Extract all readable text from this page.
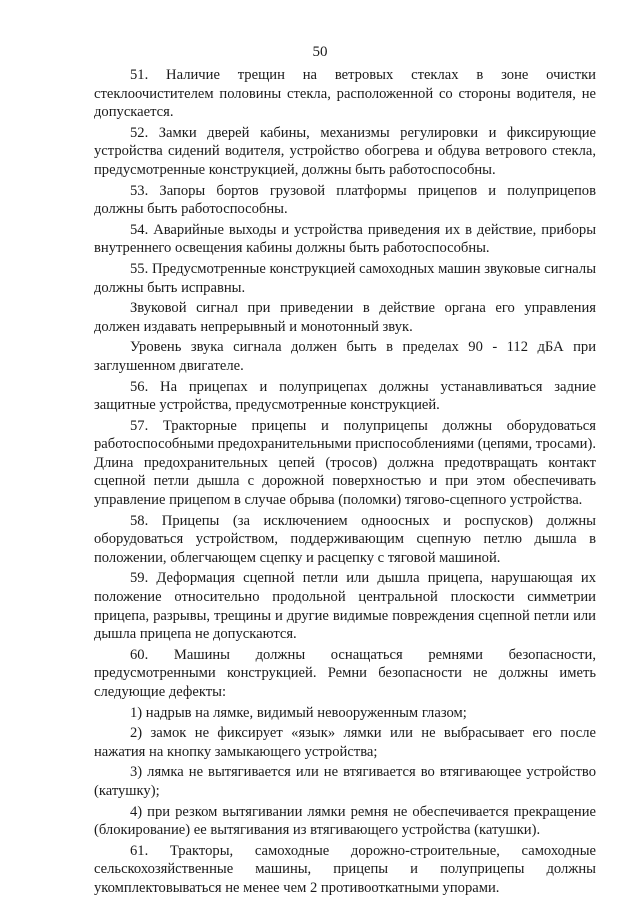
50

51. Наличие трещин на ветровых стеклах в зоне очистки стеклоочистителем половины стекла, расположенной со стороны водителя, не допускается.

52. Замки дверей кабины, механизмы регулировки и фиксирующие устройства сидений водителя, устройство обогрева и обдува ветрового стекла, предусмотренные конструкцией, должны быть работоспособны.

53. Запоры бортов грузовой платформы прицепов и полуприцепов должны быть работоспособны.

54. Аварийные выходы и устройства приведения их в действие, приборы внутреннего освещения кабины должны быть работоспособны.

55. Предусмотренные конструкцией самоходных машин звуковые сигналы должны быть исправны.

Звуковой сигнал при приведении в действие органа его управления должен издавать непрерывный и монотонный звук.

Уровень звука сигнала должен быть в пределах 90 - 112 дБА при заглушенном двигателе.

56. На прицепах и полуприцепах должны устанавливаться задние защитные устройства, предусмотренные конструкцией.

57. Тракторные прицепы и полуприцепы должны оборудоваться работоспособными предохранительными приспособлениями (цепями, тросами). Длина предохранительных цепей (тросов) должна предотвращать контакт сцепной петли дышла с дорожной поверхностью и при этом обеспечивать управление прицепом в случае обрыва (поломки) тягово-сцепного устройства.

58. Прицепы (за исключением одноосных и роспусков) должны оборудоваться устройством, поддерживающим сцепную петлю дышла в положении, облегчающем сцепку и расцепку с тяговой машиной.

59. Деформация сцепной петли или дышла прицепа, нарушающая их положение относительно продольной центральной плоскости симметрии прицепа, разрывы, трещины и другие видимые повреждения сцепной петли или дышла прицепа не допускаются.

60. Машины должны оснащаться ремнями безопасности, предусмотренными конструкцией. Ремни безопасности не должны иметь следующие дефекты:

1) надрыв на лямке, видимый невооруженным глазом;

2) замок не фиксирует «язык» лямки или не выбрасывает его после нажатия на кнопку замыкающего устройства;

3) лямка не вытягивается или не втягивается во втягивающее устройство (катушку);

4) при резком вытягивании лямки ремня не обеспечивается прекращение (блокирование) ее вытягивания из втягивающего устройства (катушки).

61. Тракторы, самоходные дорожно-строительные, самоходные сельскохозяйственные машины, прицепы и полуприцепы должны укомплектовываться не менее чем 2 противооткатными упорами.
